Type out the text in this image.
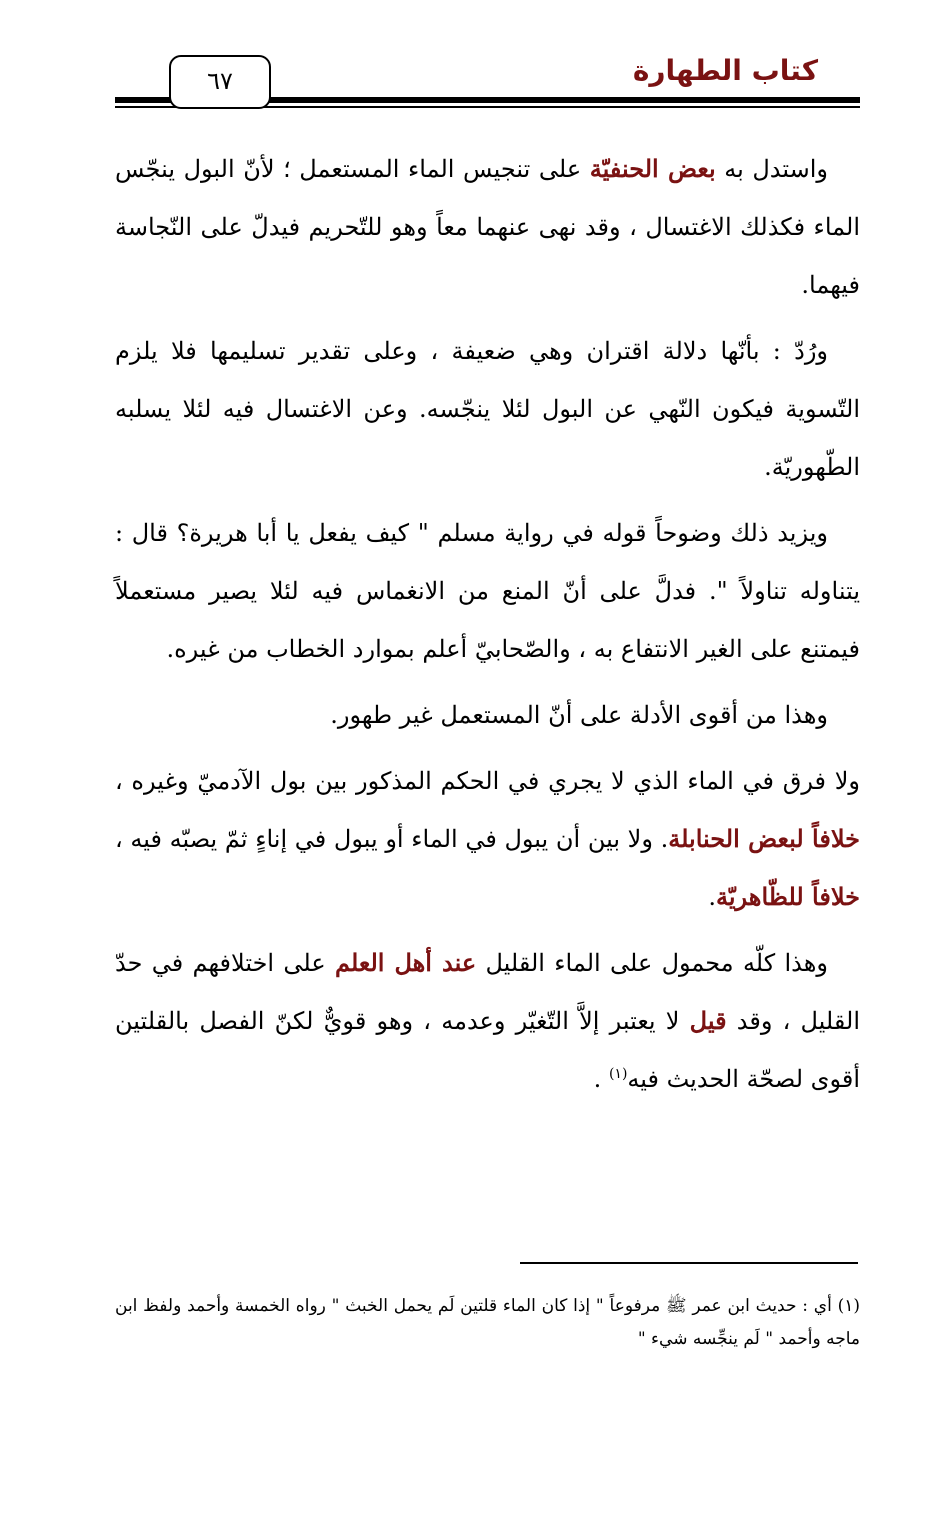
٦٧	كتاب الطهارة

واستدل به بعض الحنفيّة على تنجيس الماء المستعمل ؛ لأنّ البول ينجّس الماء فكذلك الاغتسال ، وقد نهى عنهما معاً وهو للتّحريم فيدلّ على النّجاسة فيهما.

ورُدّ : بأنّها دلالة اقتران وهي ضعيفة ، وعلى تقدير تسليمها فلا يلزم التّسوية فيكون النّهي عن البول لئلا ينجّسه. وعن الاغتسال فيه لئلا يسلبه الطّهوريّة.

ويزيد ذلك وضوحاً قوله في رواية مسلم " كيف يفعل يا أبا هريرة؟ قال : يتناوله تناولاً ". فدلَّ على أنّ المنع من الانغماس فيه لئلا يصير مستعملاً فيمتنع على الغير الانتفاع به ، والصّحابيّ أعلم بموارد الخطاب من غيره.

وهذا من أقوى الأدلة على أنّ المستعمل غير طهور.

ولا فرق في الماء الذي لا يجري في الحكم المذكور بين بول الآدميّ وغيره ، خلافاً لبعض الحنابلة. ولا بين أن يبول في الماء أو يبول في إناءٍ ثمّ يصبّه فيه ، خلافاً للظّاهريّة.

وهذا كلّه محمول على الماء القليل عند أهل العلم على اختلافهم في حدّ القليل ، وقد قيل لا يعتبر إلاَّ التّغيّر وعدمه ، وهو قويٌّ لكنّ الفصل بالقلتين أقوى لصحّة الحديث فيه$^{(١)}$ .

(١) أي : حديث ابن عمر ﷺ مرفوعاً " إذا كان الماء قلتين لَم يحمل الخبث " رواه الخمسة وأحمد ولفظ ابن ماجه وأحمد " لَم ينجِّسه شيء "
